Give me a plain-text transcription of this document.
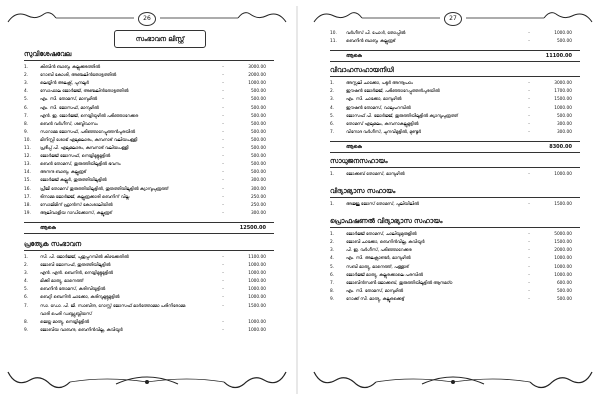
26
സംഭാവന ലിസ്റ്റ്
സുവിശേഷവേല
1.	കിബിൻ ബാബു, കല്ലുക്കടത്തിൽ	-	3000.00
2.	റോബി കോശി, അഞ്ചലിൻതോട്ടത്തിൽ	-	2000.00
3.	ലെയ്യിൻ അലക്സ്, പുനലൂർ	-	1000.00
4.	സോഫാല ജോർജ്ജ്, അഞ്ചലിൻതോട്ടത്തിൽ	-	500.00
5.	എം. സി. തോമസ്, മാമ്പുഴിൽ	-	500.00
6.	എം. സി. ജോസഫ്, മാമ്പുഴിൽ	-	500.00
7.	എൻ. ഇ. ജോർജ്ജ്, നെയ്യിയുഴിൽ പടിഞ്ഞാറേക്കര	-	500.00
8.	ബെൻ വർഗീസ്, ശബ്ദിവാസം	-	500.00
9.	സാറാമ്മ ജോസഫ്, പടിഞ്ഞാറേപ്പുത്തൻപുരയിൽ	-	500.00
10.	മിനിസ്സി ശോഭ് എലുമലാരം, കുമ്പനാട് വലിയപള്ളി	-	500.00
11.	പ്രദീപ്പ് പി. എലുമലാരം, കുമ്പനാട് വലിയപള്ളി	-	500.00
12.	ജോർജ്ജ് ജോസഫ്, നെയ്യിമൂട്ടുമൂട്ടിൽ	-	500.00
13.	ബെൻ തോമസ്, തുരുത്തിയിലൂട്ടിൽ ഭവനം	-	500.00
14.	അനന്ദ ബാബു, കല്ലൂരൂട്	-	500.00
15.	ജോർജ്ജ് കല്ലൂർ, തുരുത്തിയിലൂട്ടിൽ	-	300.00
16.	പ്രീജി തോമസ് തുരുത്തിയിലൂട്ടിൽ, തുരുത്തിയിലൂട്ടിൽ ക്യാമ്പൂപുരൂത്ത്	-	300.00
17.	ടിനാമ്മ ജോർജ്ജ്, കല്ലൂരൂക്കാരി ബെനിന് വില്ല	-	250.00
18.	സോജിമിന് ഫ്രാൻസ് കോശാലിയിൽ	-	250.00
19.	ആലിവാളിയ റാഡിക്കോസ്, കല്ലൂരൂട്	-	300.00
ആകെ	12500.00
പ്രത്യേക സംഭാവന
1.	സി. പി. ജോർജ്ജ്, പുതുപ്പറമ്പിൽ കിഴക്കേതിൽ	-	1100.00
2.	ജോബി ജോസഫ്, തുരുത്തിയിലൂട്ടിൽ	-	1000.00
3.	എൻ. എൻ. ബെനിൻ, നെയ്യിമൂട്ടുമൂട്ടിൽ	-	1000.00
4.	മിക്കി മാത്യു, മാനെത്ത്	-	1000.00
5.	ബെനിൻ തോമസ്, കരിമ്പിയൂട്ടിൽ	-	1000.00
6.	ബെറ്റി ബെനിൻ ചാക്കോ, കരിമ്പൂമൂട്ടുമൂട്ടിൽ	-	1000.00
7.	സാ. ഡോ. പി. ജി. സാബിന്ദ, റോസ്റ്റ് ജോസഫ് മാർത്തോമ്മാ പരിനിരോമ്മ	-	1500.00
വാരി പെരി ഡബ്ല്യുബ്ലിയസ്
8.	ജെയ്നു മാത്യു, നെയ്യിമൂട്ടിൽ	-	1000.00
9.	ജോബിയ വാബന്ദ, ബെനിൻവില്ല, കവിയൂർ	-	1000.00
27
10.	വർഗീസ് പി. പോൾ, തോപ്പിൽ	-	1000.00
11.	ബെനിൻ ബാബു, കല്ലൂരൂട്	-	500.00
ആകെ	11100.00
വിവാഹസഹായനിധി
1.	അസ്സലി ചാക്കോ, പടൂർ അന്നൂപഠം	-	3000.00
2.	ഈഷൻ ജോർജ്ജ്, പടിഞ്ഞാറേപ്പുത്തൻപുരയിൽ	-	1700.00
3.	എം. സി. ചാക്കോ, മാമ്പുഴിൽ	-	1500.00
4.	ഈഷൻ തോമസ്, വാലുപറമ്പിൽ	-	1000.00
5.	ജോസഫ് പി. ജോർജ്ജ്, തുരുത്തിയിലൂട്ടിൽ ക്യാമ്പൂപുരൂത്ത്	-	500.00
6.	തോമസ് എലുമലം, കമ്പനാകല്ലുമൂട്ടിൽ	-	300.00
7.	വിനോദ വർഗീസ്, ചുനവിമൂട്ടിൽ, മുണ്ടൂർ	-	300.00
ആകെ	8300.00
സാധുജനസഹായം
1.	ജോക്കബ് തോമസ്, മാമ്പുഴിൽ	-	1000.00
വിദ്യാഭ്യാസ സഹായം
1.	അജ്ജു ജോസ് തോമസ്, പുലിയിലിൽ	-	1500.00
പ്രൊഫഷണൽ വിദ്യാഭ്യാസ സഹായം
1.	ജോർജ്ജ് തോമസ്, ചാലിയൂമുരുളിൽ	-	5000.00
2.	ജോബി ചാക്കോ, ബെനിൻവില്ല, കവിയൂർ	-	1500.00
3.	പി. ഇ. വർഗീസ്, പടിഞ്ഞാറേക്കര	-	2000.00
4.	എം. സി. അലക്സാണ്ടർ, മാമ്പുഴിൽ	-	1000.00
5.	സബി മാത്യു, മാനെത്ത്, പള്ളാട്	-	1000.00
6.	ജോർജ്ജ് മാത്യു, കല്ലുരക്കാലെ പരമ്പിൽ	-	1000.00
7.	ജോബിൻസൺ ജോക്കബ്, തുരുത്തിയിലൂട്ടിൽ ആനമഠ്ഠ	-	600.00
8.	എം. സി. തോമസ്, മാമ്പുഴിൽ	-	500.00
9.	റോക്ക് സി. മാത്യു, കല്ലൂരക്കെട്ട്	-	500.00
